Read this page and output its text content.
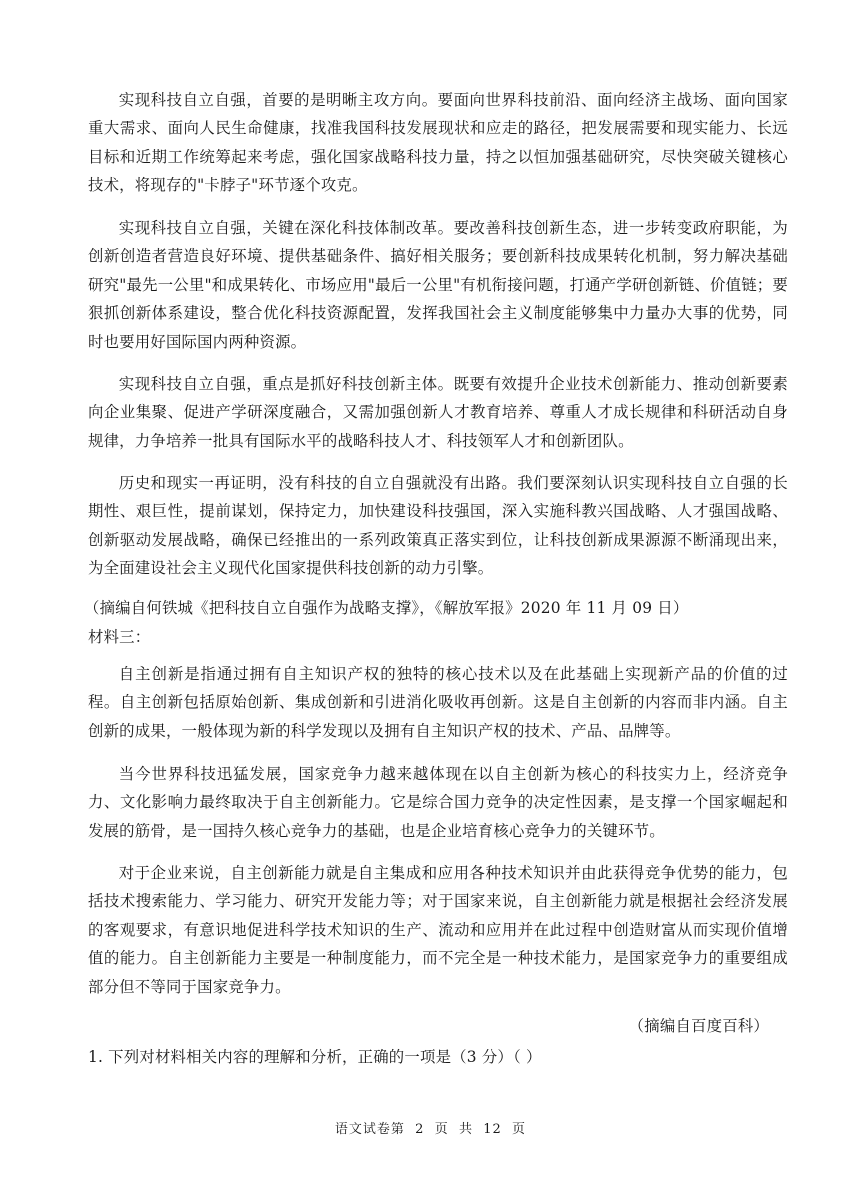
实现科技自立自强，首要的是明晰主攻方向。要面向世界科技前沿、面向经济主战场、面向国家重大需求、面向人民生命健康，找准我国科技发展现状和应走的路径，把发展需要和现实能力、长远目标和近期工作统筹起来考虑，强化国家战略科技力量，持之以恒加强基础研究，尽快突破关键核心技术，将现存的"卡脖子"环节逐个攻克。

实现科技自立自强，关键在深化科技体制改革。要改善科技创新生态，进一步转变政府职能，为创新创造者营造良好环境、提供基础条件、搞好相关服务；要创新科技成果转化机制，努力解决基础研究"最先一公里"和成果转化、市场应用"最后一公里"有机衔接问题，打通产学研创新链、价值链；要狠抓创新体系建设，整合优化科技资源配置，发挥我国社会主义制度能够集中力量办大事的优势，同时也要用好国际国内两种资源。

实现科技自立自强，重点是抓好科技创新主体。既要有效提升企业技术创新能力、推动创新要素向企业集聚、促进产学研深度融合，又需加强创新人才教育培养、尊重人才成长规律和科研活动自身规律，力争培养一批具有国际水平的战略科技人才、科技领军人才和创新团队。

历史和现实一再证明，没有科技的自立自强就没有出路。我们要深刻认识实现科技自立自强的长期性、艰巨性，提前谋划，保持定力，加快建设科技强国，深入实施科教兴国战略、人才强国战略、创新驱动发展战略，确保已经推出的一系列政策真正落实到位，让科技创新成果源源不断涌现出来，为全面建设社会主义现代化国家提供科技创新的动力引擎。

（摘编自何铁城《把科技自立自强作为战略支撑》，《解放军报》2020 年 11 月 09 日）

材料三：

自主创新是指通过拥有自主知识产权的独特的核心技术以及在此基础上实现新产品的价值的过程。自主创新包括原始创新、集成创新和引进消化吸收再创新。这是自主创新的内容而非内涵。自主创新的成果，一般体现为新的科学发现以及拥有自主知识产权的技术、产品、品牌等。

当今世界科技迅猛发展，国家竞争力越来越体现在以自主创新为核心的科技实力上，经济竞争力、文化影响力最终取决于自主创新能力。它是综合国力竞争的决定性因素，是支撑一个国家崛起和发展的筋骨，是一国持久核心竞争力的基础，也是企业培育核心竞争力的关键环节。

对于企业来说，自主创新能力就是自主集成和应用各种技术知识并由此获得竞争优势的能力，包括技术搜索能力、学习能力、研究开发能力等；对于国家来说，自主创新能力就是根据社会经济发展的客观要求，有意识地促进科学技术知识的生产、流动和应用并在此过程中创造财富从而实现价值增值的能力。自主创新能力主要是一种制度能力，而不完全是一种技术能力，是国家竞争力的重要组成部分但不等同于国家竞争力。

（摘编自百度百科）

1. 下列对材料相关内容的理解和分析，正确的一项是（3 分）（ ）

语文试卷第  2  页  共  12  页
